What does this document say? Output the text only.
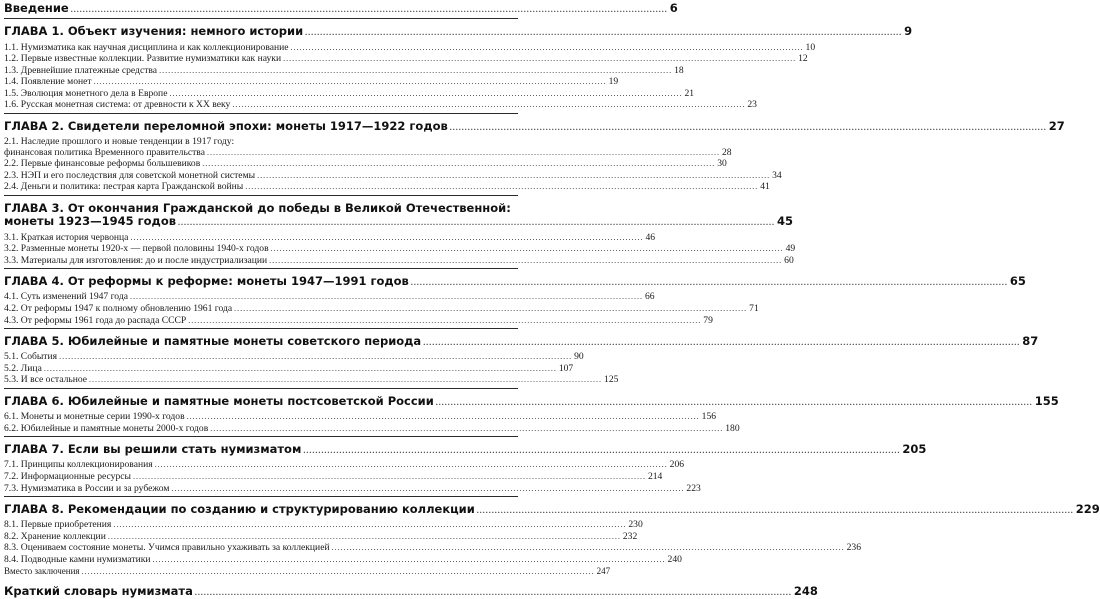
Введение ....................................................................................................................................................................................................... 6
ГЛАВА 1. Объект изучения: немного истории ....................................................................................................................................................................................................... 9
1.1. Нумизматика как научная дисциплина и как коллекционирование ........................................................................................................................................................................... 10
1.2. Первые известные коллекции. Развитие нумизматики как науки ........................................................................................................................................................................... 12
1.3. Древнейшие платежные средства ........................................................................................................................................................................... 18
1.4. Появление монет ........................................................................................................................................................................... 19
1.5. Эволюция монетного дела в Европе ........................................................................................................................................................................... 21
1.6. Русская монетная система: от древности к XX веку ........................................................................................................................................................................... 23
ГЛАВА 2. Свидетели переломной эпохи: монеты 1917—1922 годов ....................................................................................................................................................................................................... 27
2.1. Наследие прошлого и новые тенденции в 1917 году:
финансовая политика Временного правительства ........................................................................................................................................................................... 28
2.2. Первые финансовые реформы большевиков ........................................................................................................................................................................... 30
2.3. НЭП и его последствия для советской монетной системы ........................................................................................................................................................................... 34
2.4. Деньги и политика: пестрая карта Гражданской войны ........................................................................................................................................................................... 41
ГЛАВА 3. От окончания Гражданской до победы в Великой Отечественной:
монеты 1923—1945 годов ....................................................................................................................................................................................................... 45
3.1. Краткая история червонца ........................................................................................................................................................................... 46
3.2. Разменные монеты 1920-х — первой половины 1940-х годов ........................................................................................................................................................................... 49
3.3. Материалы для изготовления: до и после индустриализации ........................................................................................................................................................................... 60
ГЛАВА 4. От реформы к реформе: монеты 1947—1991 годов ....................................................................................................................................................................................................... 65
4.1. Суть изменений 1947 года ........................................................................................................................................................................... 66
4.2. От реформы 1947 к полному обновлению 1961 года ........................................................................................................................................................................... 71
4.3. От реформы 1961 года до распада СССР ........................................................................................................................................................................... 79
ГЛАВА 5. Юбилейные и памятные монеты советского периода ....................................................................................................................................................................................................... 87
5.1. События ........................................................................................................................................................................... 90
5.2. Лица ........................................................................................................................................................................... 107
5.3. И все остальное ........................................................................................................................................................................... 125
ГЛАВА 6. Юбилейные и памятные монеты постсоветской России ....................................................................................................................................................................................................... 155
6.1. Монеты и монетные серии 1990-х годов ........................................................................................................................................................................... 156
6.2. Юбилейные и памятные монеты 2000-х годов ........................................................................................................................................................................... 180
ГЛАВА 7. Если вы решили стать нумизматом ....................................................................................................................................................................................................... 205
7.1. Принципы коллекционирования ........................................................................................................................................................................... 206
7.2. Информационные ресурсы ........................................................................................................................................................................... 214
7.3. Нумизматика в России и за рубежом ........................................................................................................................................................................... 223
ГЛАВА 8. Рекомендации по созданию и структурированию коллекции ....................................................................................................................................................................................................... 229
8.1. Первые приобретения ........................................................................................................................................................................... 230
8.2. Хранение коллекции ........................................................................................................................................................................... 232
8.3. Оцениваем состояние монеты. Учимся правильно ухаживать за коллекцией ........................................................................................................................................................................... 236
8.4. Подводные камни нумизматики ........................................................................................................................................................................... 240
Вместо заключения ........................................................................................................................................................................... 247
Краткий словарь нумизмата ....................................................................................................................................................................................................... 248
